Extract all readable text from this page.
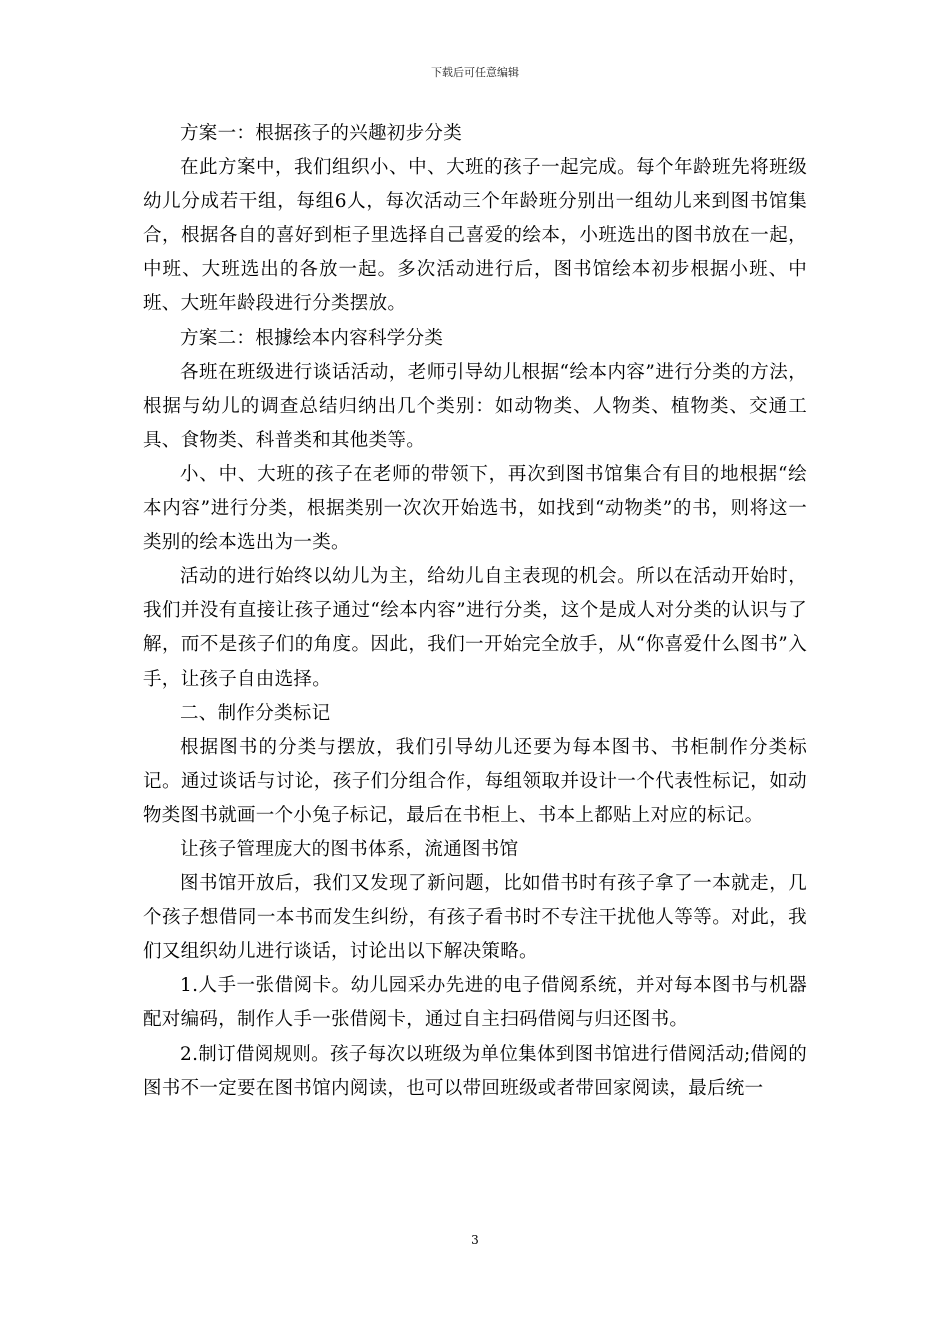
下载后可任意编辑

方案一：根据孩子的兴趣初步分类

在此方案中，我们组织小、中、大班的孩子一起完成。每个年龄班先将班级幼儿分成若干组，每组6人，每次活动三个年龄班分别出一组幼儿来到图书馆集合，根据各自的喜好到柜子里选择自己喜爱的绘本，小班选出的图书放在一起，中班、大班选出的各放一起。多次活动进行后，图书馆绘本初步根据小班、中班、大班年龄段进行分类摆放。

方案二：根據绘本内容科学分类

各班在班级进行谈话活动，老师引导幼儿根据“绘本内容”进行分类的方法，根据与幼儿的调查总结归纳出几个类别：如动物类、人物类、植物类、交通工具、食物类、科普类和其他类等。

小、中、大班的孩子在老师的带领下，再次到图书馆集合有目的地根据“绘本内容”进行分类，根据类别一次次开始选书，如找到“动物类”的书，则将这一类别的绘本选出为一类。

活动的进行始终以幼儿为主，给幼儿自主表现的机会。所以在活动开始时，我们并没有直接让孩子通过“绘本内容”进行分类，这个是成人对分类的认识与了解，而不是孩子们的角度。因此，我们一开始完全放手，从“你喜爱什么图书”入手，让孩子自由选择。

二、制作分类标记

根据图书的分类与摆放，我们引导幼儿还要为每本图书、书柜制作分类标记。通过谈话与讨论，孩子们分组合作，每组领取并设计一个代表性标记，如动物类图书就画一个小兔子标记，最后在书柜上、书本上都贴上对应的标记。

让孩子管理庞大的图书体系，流通图书馆

图书馆开放后，我们又发现了新问题，比如借书时有孩子拿了一本就走，几个孩子想借同一本书而发生纠纷，有孩子看书时不专注干扰他人等等。对此，我们又组织幼儿进行谈话，讨论出以下解决策略。

1.人手一张借阅卡。幼儿园采办先进的电子借阅系统，并对每本图书与机器配对编码，制作人手一张借阅卡，通过自主扫码借阅与归还图书。

2.制订借阅规则。孩子每次以班级为单位集体到图书馆进行借阅活动;借阅的图书不一定要在图书馆内阅读，也可以带回班级或者带回家阅读，最后统一

3
